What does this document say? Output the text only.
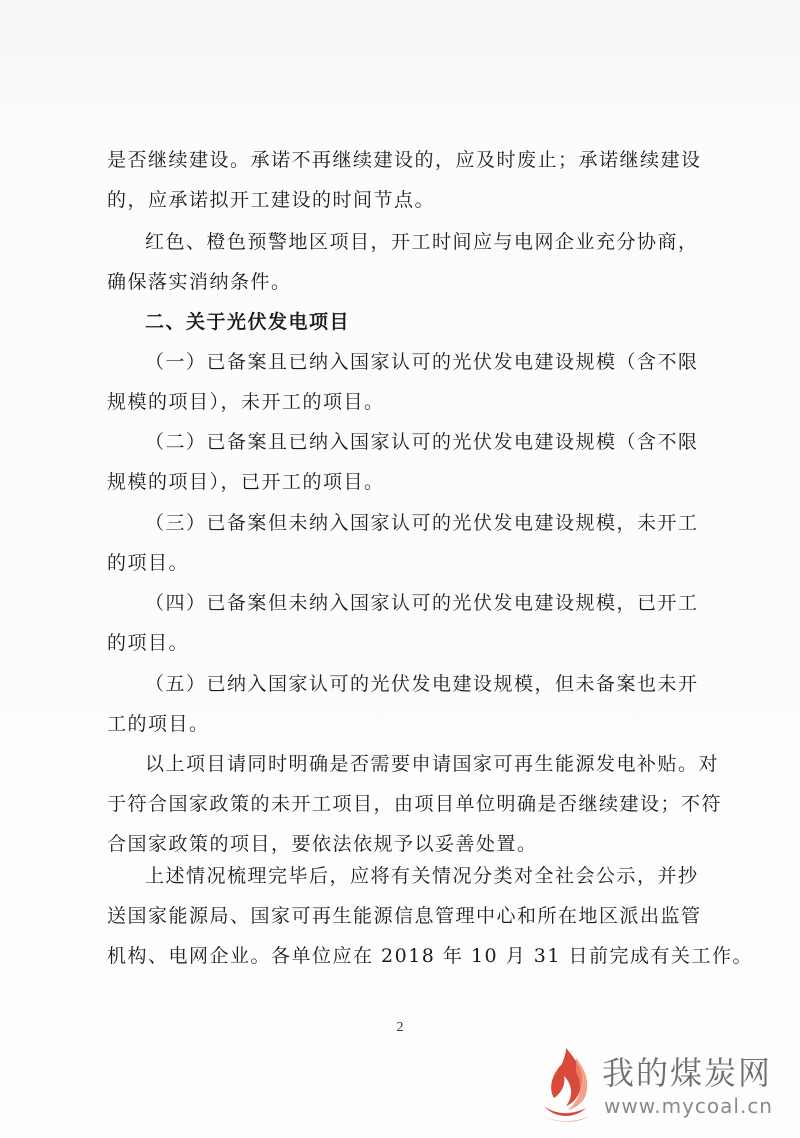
是否继续建设。承诺不再继续建设的，应及时废止；承诺继续建设
的，应承诺拟开工建设的时间节点。

红色、橙色预警地区项目，开工时间应与电网企业充分协商，
确保落实消纳条件。

二、关于光伏发电项目

（一）已备案且已纳入国家认可的光伏发电建设规模（含不限
规模的项目），未开工的项目。

（二）已备案且已纳入国家认可的光伏发电建设规模（含不限
规模的项目），已开工的项目。

（三）已备案但未纳入国家认可的光伏发电建设规模，未开工
的项目。

（四）已备案但未纳入国家认可的光伏发电建设规模，已开工
的项目。

（五）已纳入国家认可的光伏发电建设规模，但未备案也未开
工的项目。

以上项目请同时明确是否需要申请国家可再生能源发电补贴。对
于符合国家政策的未开工项目，由项目单位明确是否继续建设；不符
合国家政策的项目，要依法依规予以妥善处置。

上述情况梳理完毕后，应将有关情况分类对全社会公示，并抄
送国家能源局、国家可再生能源信息管理中心和所在地区派出监管
机构、电网企业。各单位应在 2018 年 10 月 31 日前完成有关工作。

2
我的煤炭网
www.mycoal.cn
